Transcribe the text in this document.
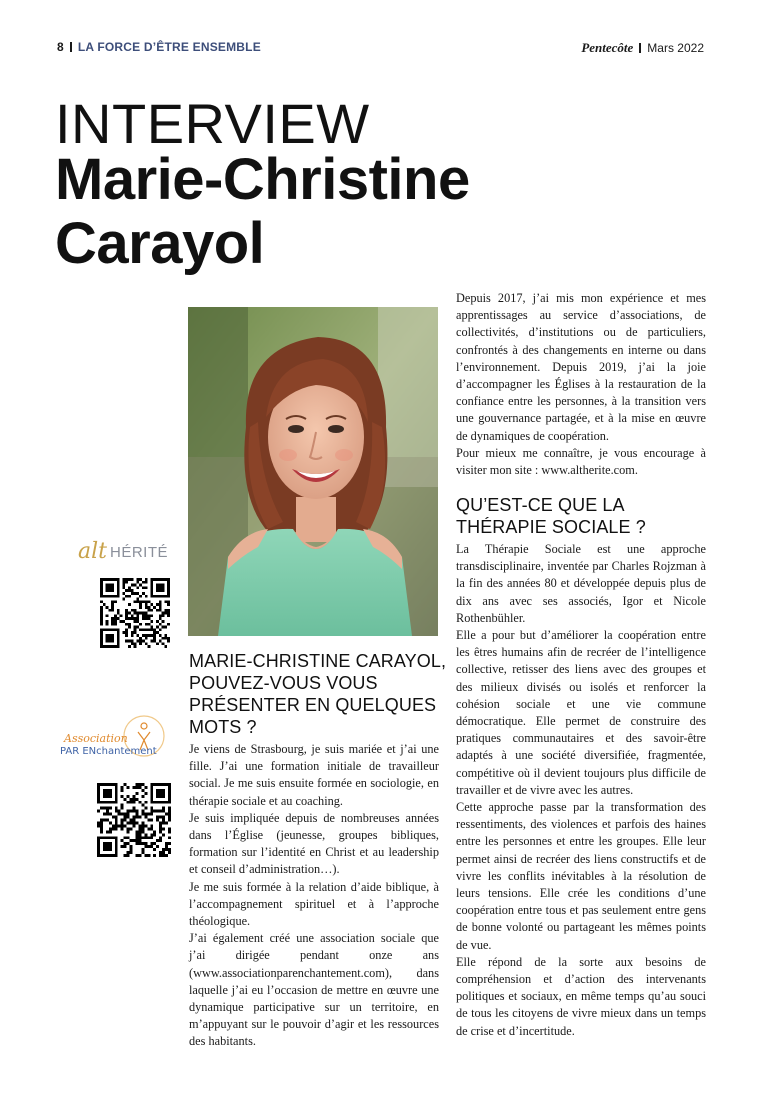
8 LA FORCE D’ÊTRE ENSEMBLE	Pentecôte Mars 2022
INTERVIEW
Marie-Christine
Carayol
alt HÉRITÉ
Association
PAR ENchantement
MARIE-CHRISTINE CARAYOL, POUVEZ-VOUS VOUS PRÉSENTER EN QUELQUES MOTS ?

Je viens de Strasbourg, je suis mariée et j’ai une fille. J’ai une formation initiale de travailleur social. Je me suis ensuite formée en sociologie, en thérapie sociale et au coaching.

Je suis impliquée depuis de nombreuses années dans l’Église (jeunesse, groupes bibliques, formation sur l’identité en Christ et au leadership et conseil d’administration…).

Je me suis formée à la relation d’aide biblique, à l’accompagnement spirituel et à l’approche théologique.

J’ai également créé une association sociale que j’ai dirigée pendant onze ans (www.associationparenchantement.com), dans laquelle j’ai eu l’occasion de mettre en œuvre une dynamique participative sur un territoire, en m’appuyant sur le pouvoir d’agir et les ressources des habitants.

Depuis 2017, j’ai mis mon expérience et mes apprentissages au service d’associations, de collectivités, d’institutions ou de particuliers, confrontés à des changements en interne ou dans l’environnement. Depuis 2019, j’ai la joie d’accompagner les Églises à la restauration de la confiance entre les personnes, à la transition vers une gouvernance partagée, et à la mise en œuvre de dynamiques de coopération.

Pour mieux me connaître, je vous encourage à visiter mon site : www.altherite.com.

QU’EST-CE QUE LA THÉRAPIE SOCIALE ?

La Thérapie Sociale est une approche transdisciplinaire, inventée par Charles Rojzman à la fin des années 80 et développée depuis plus de dix ans avec ses associés, Igor et Nicole Rothenbühler.

Elle a pour but d’améliorer la coopération entre les êtres humains afin de recréer de l’intelligence collective, retisser des liens avec des groupes et des milieux divisés ou isolés et renforcer la cohésion sociale et une vie commune démocratique. Elle permet de construire des pratiques communautaires et des savoir-être adaptés à une société diversifiée, fragmentée, compétitive où il devient toujours plus difficile de travailler et de vivre avec les autres.

Cette approche passe par la transformation des ressentiments, des violences et parfois des haines entre les personnes et entre les groupes. Elle leur permet ainsi de recréer des liens constructifs et de vivre les conflits inévitables à la résolution de leurs tensions. Elle crée les conditions d’une coopération entre tous et pas seulement entre gens de bonne volonté ou partageant les mêmes points de vue.

Elle répond de la sorte aux besoins de compréhension et d’action des intervenants politiques et sociaux, en même temps qu’au souci de tous les citoyens de vivre mieux dans un temps de crise et d’incertitude.
